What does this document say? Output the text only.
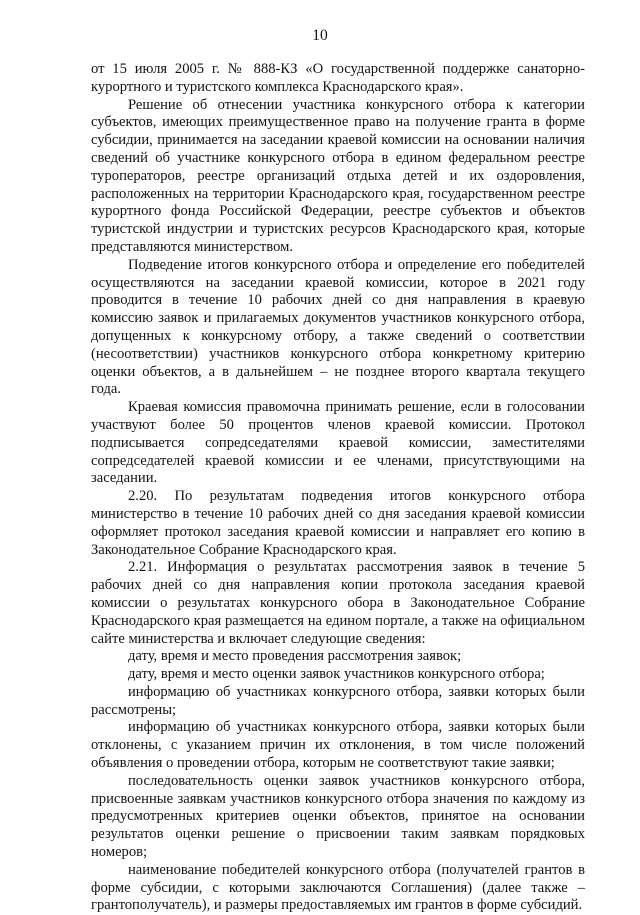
10

от 15 июля 2005 г. № 888-КЗ «О государственной поддержке санаторно-курортного и туристского комплекса Краснодарского края».

Решение об отнесении участника конкурсного отбора к категории субъектов, имеющих преимущественное право на получение гранта в форме субсидии, принимается на заседании краевой комиссии на основании наличия сведений об участнике конкурсного отбора в едином федеральном реестре туроператоров, реестре организаций отдыха детей и их оздоровления, расположенных на территории Краснодарского края, государственном реестре курортного фонда Российской Федерации, реестре субъектов и объектов туристской индустрии и туристских ресурсов Краснодарского края, которые представляются министерством.

Подведение итогов конкурсного отбора и определение его победителей осуществляются на заседании краевой комиссии, которое в 2021 году проводится в течение 10 рабочих дней со дня направления в краевую комиссию заявок и прилагаемых документов участников конкурсного отбора, допущенных к конкурсному отбору, а также сведений о соответствии (несоответствии) участников конкурсного отбора конкретному критерию оценки объектов, а в дальнейшем – не позднее второго квартала текущего года.

Краевая комиссия правомочна принимать решение, если в голосовании участвуют более 50 процентов членов краевой комиссии. Протокол подписывается сопредседателями краевой комиссии, заместителями сопредседателей краевой комиссии и ее членами, присутствующими на заседании.

2.20. По результатам подведения итогов конкурсного отбора министерство в течение 10 рабочих дней со дня заседания краевой комиссии оформляет протокол заседания краевой комиссии и направляет его копию в Законодательное Собрание Краснодарского края.

2.21. Информация о результатах рассмотрения заявок в течение 5 рабочих дней со дня направления копии протокола заседания краевой комиссии о результатах конкурсного обора в Законодательное Собрание Краснодарского края размещается на едином портале, а также на официальном сайте министерства и включает следующие сведения:

дату, время и место проведения рассмотрения заявок;

дату, время и место оценки заявок участников конкурсного отбора;

информацию об участниках конкурсного отбора, заявки которых были рассмотрены;

информацию об участниках конкурсного отбора, заявки которых были отклонены, с указанием причин их отклонения, в том числе положений объявления о проведении отбора, которым не соответствуют такие заявки;

последовательность оценки заявок участников конкурсного отбора, присвоенные заявкам участников конкурсного отбора значения по каждому из предусмотренных критериев оценки объектов, принятое на основании результатов оценки решение о присвоении таким заявкам порядковых номеров;

наименование победителей конкурсного отбора (получателей грантов в форме субсидии, с которыми заключаются Соглашения) (далее также – грантополучатель), и размеры предоставляемых им грантов в форме субсидий.
